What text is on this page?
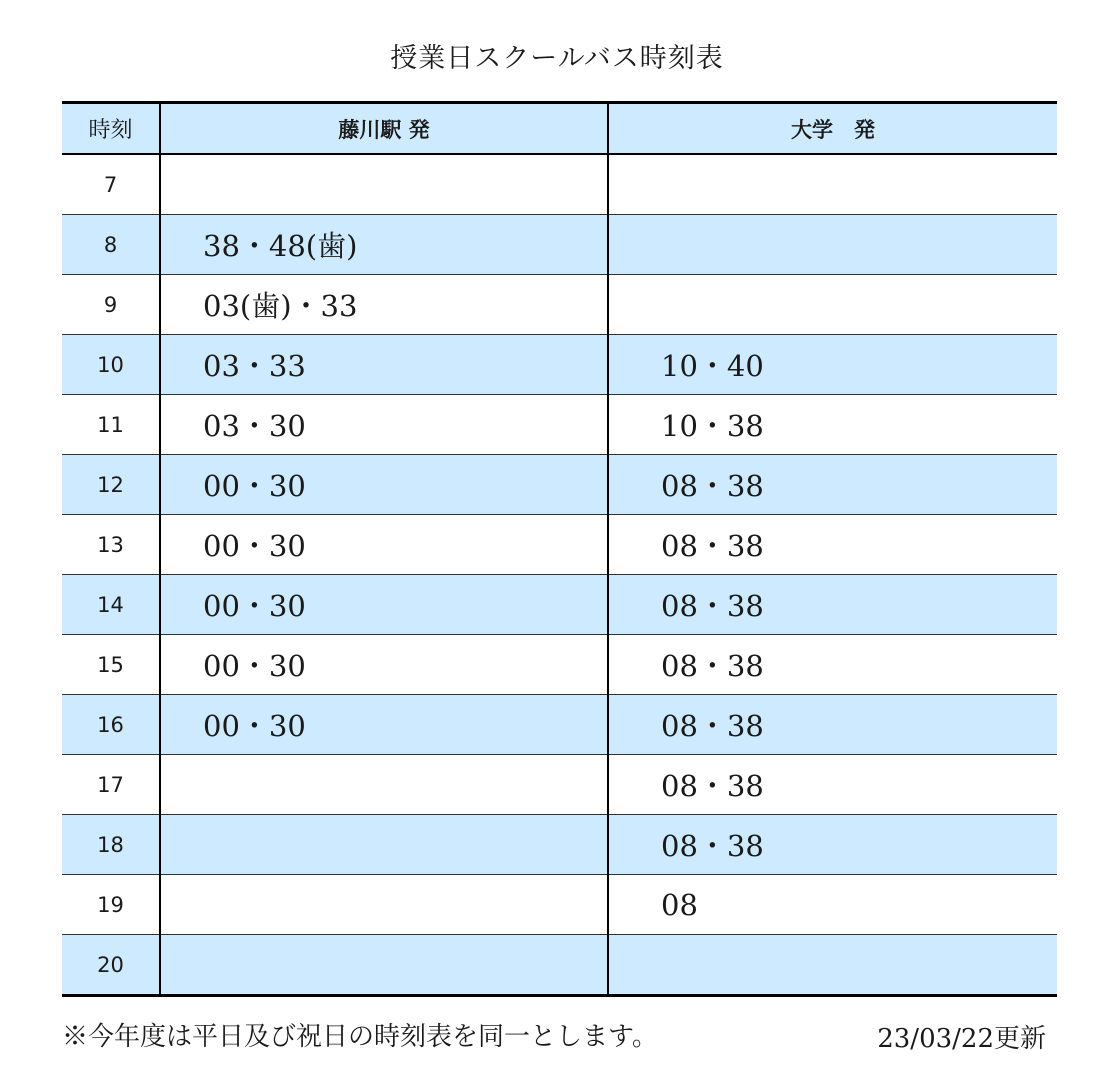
授業日スクールバス時刻表
時刻	藤川駅 発	大学　発
7		
8	38・48(歯)	
9	03(歯)・33	
10	03・33	10・40
11	03・30	10・38
12	00・30	08・38
13	00・30	08・38
14	00・30	08・38
15	00・30	08・38
16	00・30	08・38
17		08・38
18		08・38
19		08
20		
※今年度は平日及び祝日の時刻表を同一とします。	23/03/22更新
